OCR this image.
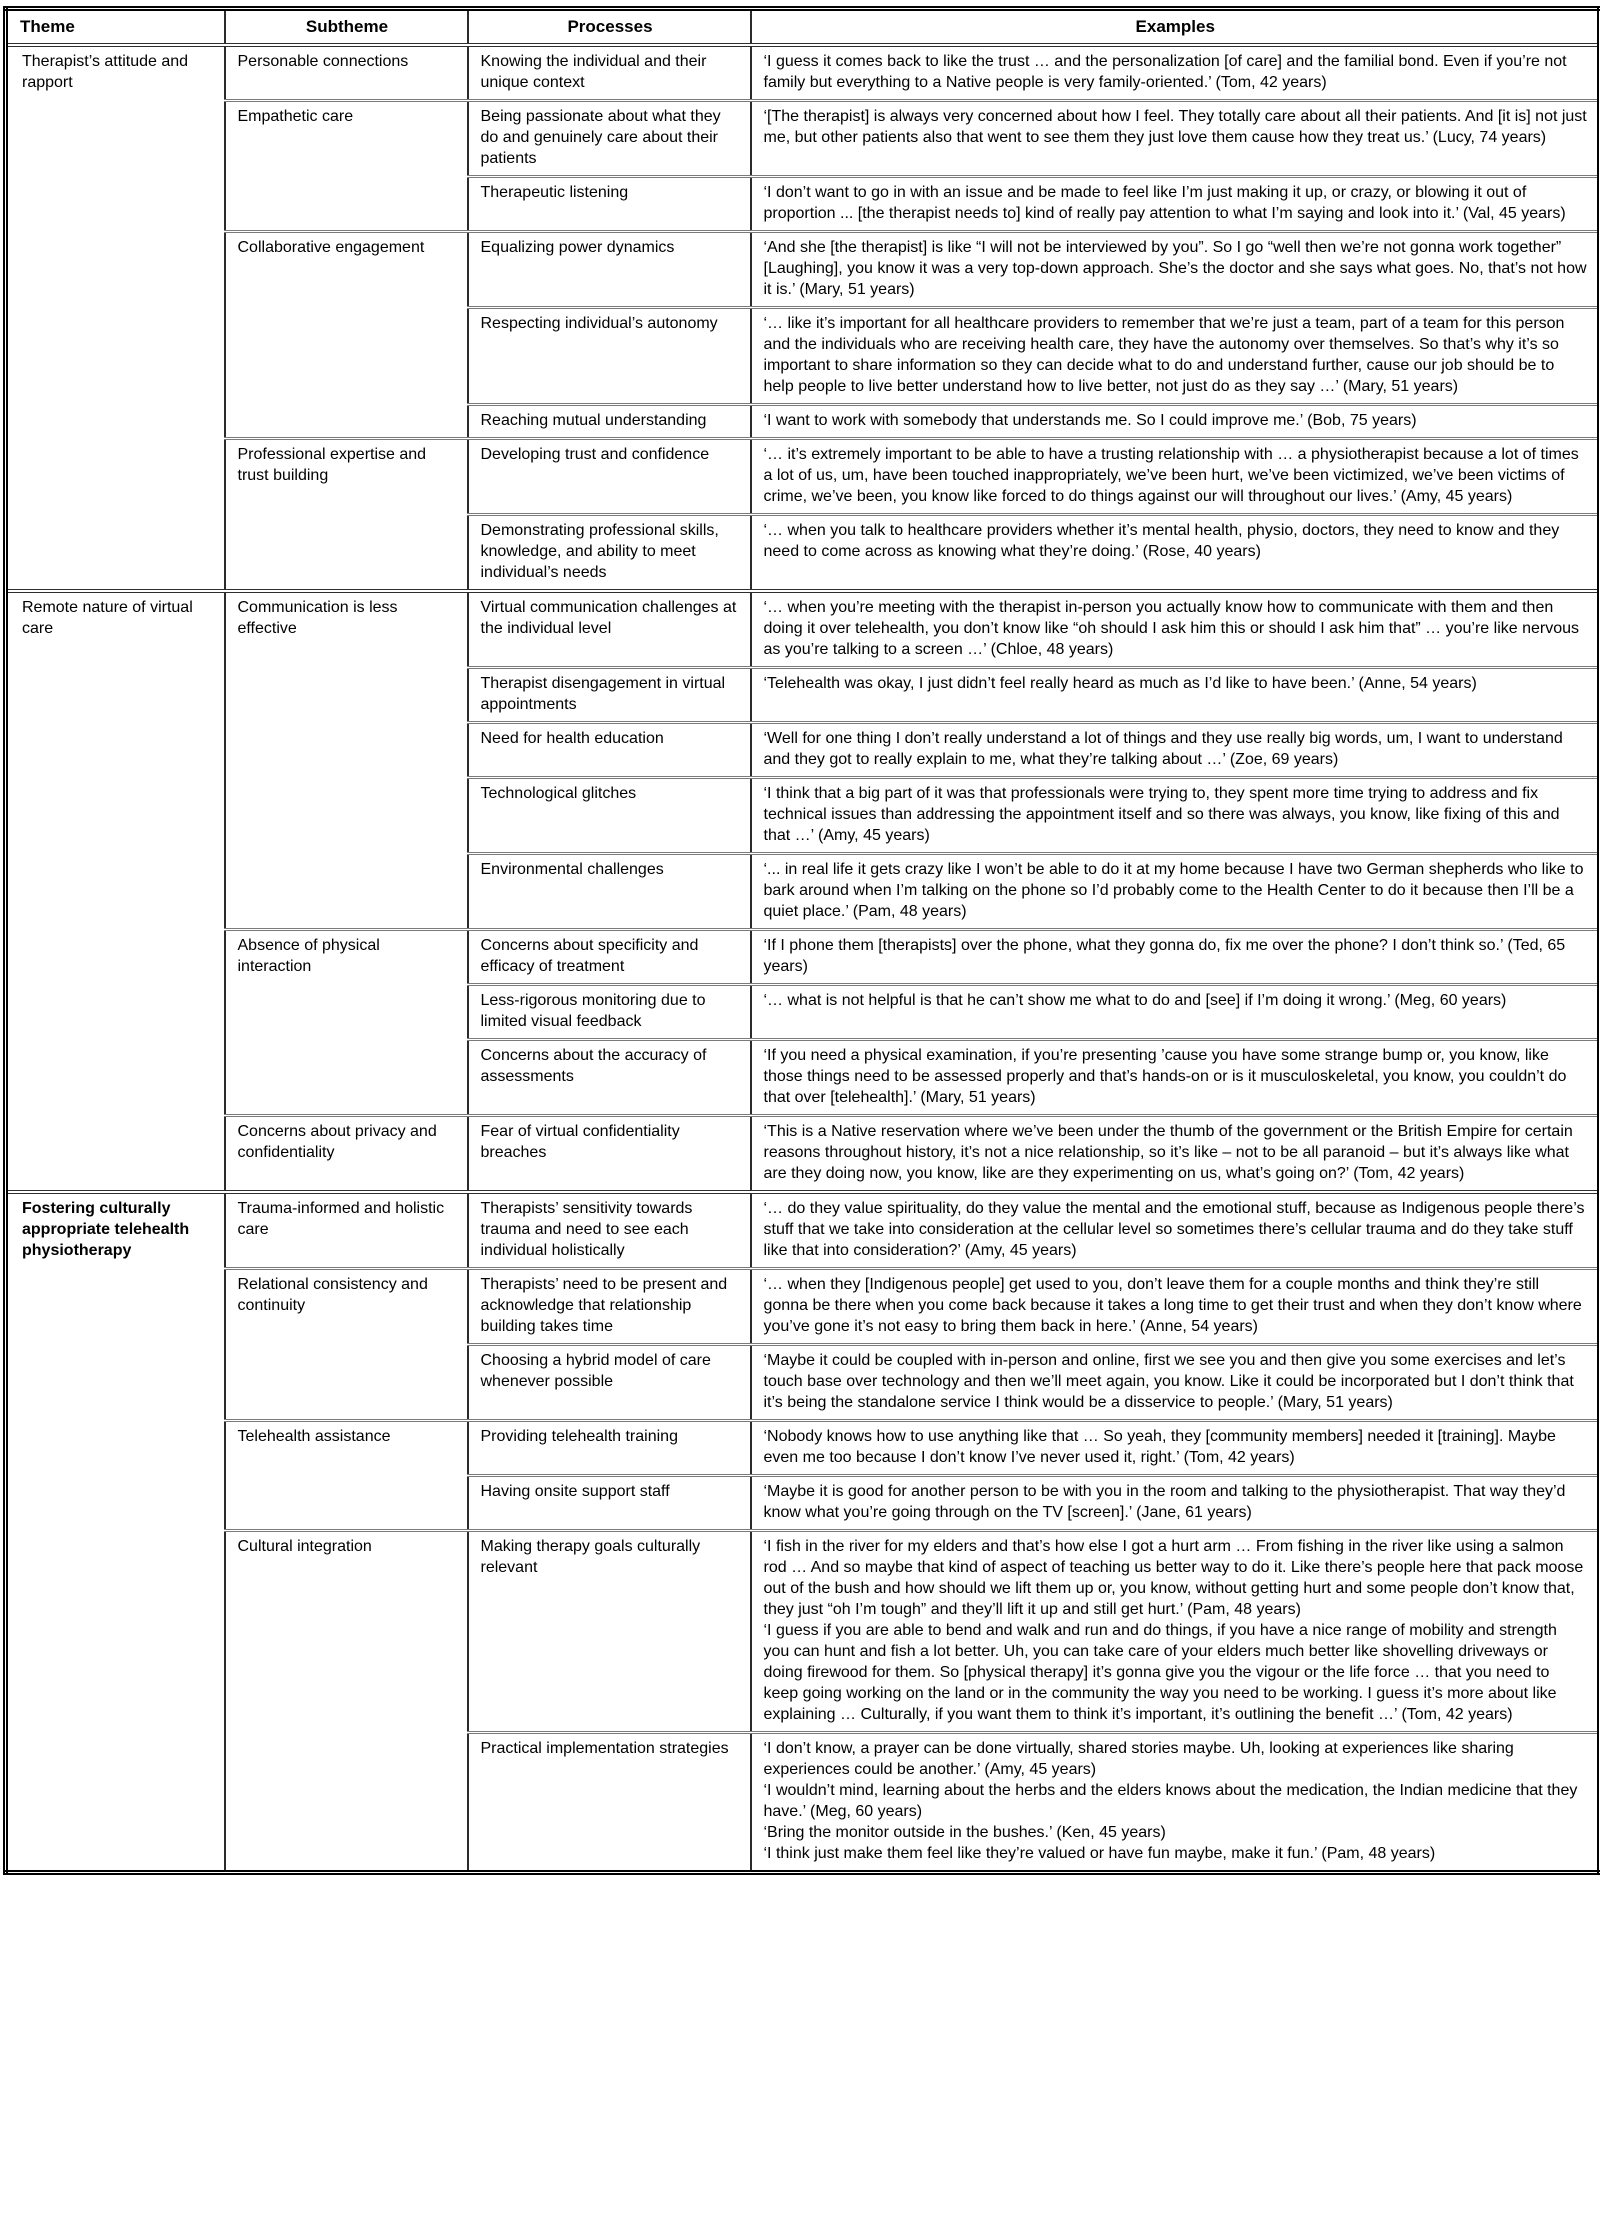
Theme	Subtheme	Processes	Examples
Therapist’s attitude and rapport	Personable connections	Knowing the individual and their unique context	‘I guess it comes back to like the trust … and the personalization [of care] and the familial bond. Even if you’re not family but everything to a Native people is very family-oriented.’ (Tom, 42 years)

	Empathetic care	Being passionate about what they do and genuinely care about their patients	‘[The therapist] is always very concerned about how I feel. They totally care about all their patients. And [it is] not just me, but other patients also that went to see them they just love them cause how they treat us.’ (Lucy, 74 years)

		Therapeutic listening	‘I don’t want to go in with an issue and be made to feel like I’m just making it up, or crazy, or blowing it out of proportion ... [the therapist needs to] kind of really pay attention to what I’m saying and look into it.’ (Val, 45 years)

	Collaborative engagement	Equalizing power dynamics	‘And she [the therapist] is like “I will not be interviewed by you”. So I go “well then we’re not gonna work together” [Laughing], you know it was a very top-down approach. She’s the doctor and she says what goes. No, that’s not how it is.’ (Mary, 51 years)

		Respecting individual’s autonomy	‘… like it’s important for all healthcare providers to remember that we’re just a team, part of a team for this person and the individuals who are receiving health care, they have the autonomy over themselves. So that’s why it’s so important to share information so they can decide what to do and understand further, cause our job should be to help people to live better understand how to live better, not just do as they say …’ (Mary, 51 years)

		Reaching mutual understanding	‘I want to work with somebody that understands me. So I could improve me.’ (Bob, 75 years)

	Professional expertise and trust building	Developing trust and confidence	‘… it’s extremely important to be able to have a trusting relationship with … a physiotherapist because a lot of times a lot of us, um, have been touched inappropriately, we’ve been hurt, we’ve been victimized, we’ve been victims of crime, we’ve been, you know like forced to do things against our will throughout our lives.’ (Amy, 45 years)

		Demonstrating professional skills, knowledge, and ability to meet individual’s needs	‘… when you talk to healthcare providers whether it’s mental health, physio, doctors, they need to know and they need to come across as knowing what they’re doing.’ (Rose, 40 years)

Remote nature of virtual care	Communication is less effective	Virtual communication challenges at the individual level	‘… when you’re meeting with the therapist in-person you actually know how to communicate with them and then doing it over telehealth, you don’t know like “oh should I ask him this or should I ask him that” … you’re like nervous as you’re talking to a screen …’ (Chloe, 48 years)

		Therapist disengagement in virtual appointments	‘Telehealth was okay, I just didn’t feel really heard as much as I’d like to have been.’ (Anne, 54 years)

		Need for health education	‘Well for one thing I don’t really understand a lot of things and they use really big words, um, I want to understand and they got to really explain to me, what they’re talking about …’ (Zoe, 69 years)

		Technological glitches	‘I think that a big part of it was that professionals were trying to, they spent more time trying to address and fix technical issues than addressing the appointment itself and so there was always, you know, like fixing of this and that …’ (Amy, 45 years)

		Environmental challenges	‘... in real life it gets crazy like I won’t be able to do it at my home because I have two German shepherds who like to bark around when I’m talking on the phone so I’d probably come to the Health Center to do it because then I’ll be a quiet place.’ (Pam, 48 years)

	Absence of physical interaction	Concerns about specificity and efficacy of treatment	‘If I phone them [therapists] over the phone, what they gonna do, fix me over the phone? I don’t think so.’ (Ted, 65 years)

		Less-rigorous monitoring due to limited visual feedback	‘… what is not helpful is that he can’t show me what to do and [see] if I’m doing it wrong.’ (Meg, 60 years)

		Concerns about the accuracy of assessments	‘If you need a physical examination, if you’re presenting ’cause you have some strange bump or, you know, like those things need to be assessed properly and that’s hands-on or is it musculoskeletal, you know, you couldn’t do that over [telehealth].’ (Mary, 51 years)

	Concerns about privacy and confidentiality	Fear of virtual confidentiality breaches	‘This is a Native reservation where we’ve been under the thumb of the government or the British Empire for certain reasons throughout history, it’s not a nice relationship, so it’s like – not to be all paranoid – but it’s always like what are they doing now, you know, like are they experimenting on us, what’s going on?’ (Tom, 42 years)

Fostering culturally appropriate telehealth physiotherapy	Trauma-informed and holistic care	Therapists’ sensitivity towards trauma and need to see each individual holistically	‘… do they value spirituality, do they value the mental and the emotional stuff, because as Indigenous people there’s stuff that we take into consideration at the cellular level so sometimes there’s cellular trauma and do they take stuff like that into consideration?’ (Amy, 45 years)

	Relational consistency and continuity	Therapists’ need to be present and acknowledge that relationship building takes time	‘… when they [Indigenous people] get used to you, don’t leave them for a couple months and think they’re still gonna be there when you come back because it takes a long time to get their trust and when they don’t know where you’ve gone it’s not easy to bring them back in here.’ (Anne, 54 years)

		Choosing a hybrid model of care whenever possible	‘Maybe it could be coupled with in-person and online, first we see you and then give you some exercises and let’s touch base over technology and then we’ll meet again, you know. Like it could be incorporated but I don’t think that it’s being the standalone service I think would be a disservice to people.’ (Mary, 51 years)

	Telehealth assistance	Providing telehealth training	‘Nobody knows how to use anything like that … So yeah, they [community members] needed it [training]. Maybe even me too because I don’t know I’ve never used it, right.’ (Tom, 42 years)

		Having onsite support staff	‘Maybe it is good for another person to be with you in the room and talking to the physiotherapist. That way they’d know what you’re going through on the TV [screen].’ (Jane, 61 years)

	Cultural integration	Making therapy goals culturally relevant	‘I fish in the river for my elders and that’s how else I got a hurt arm … From fishing in the river like using a salmon rod … And so maybe that kind of aspect of teaching us better way to do it. Like there’s people here that pack moose out of the bush and how should we lift them up or, you know, without getting hurt and some people don’t know that, they just “oh I’m tough” and they’ll lift it up and still get hurt.’ (Pam, 48 years)
‘I guess if you are able to bend and walk and run and do things, if you have a nice range of mobility and strength you can hunt and fish a lot better. Uh, you can take care of your elders much better like shovelling driveways or doing firewood for them. So [physical therapy] it’s gonna give you the vigour or the life force … that you need to keep going working on the land or in the community the way you need to be working. I guess it’s more about like explaining … Culturally, if you want them to think it’s important, it’s outlining the benefit …’ (Tom, 42 years)

		Practical implementation strategies	‘I don’t know, a prayer can be done virtually, shared stories maybe. Uh, looking at experiences like sharing experiences could be another.’ (Amy, 45 years)
‘I wouldn’t mind, learning about the herbs and the elders knows about the medication, the Indian medicine that they have.’ (Meg, 60 years)
‘Bring the monitor outside in the bushes.’ (Ken, 45 years)
‘I think just make them feel like they’re valued or have fun maybe, make it fun.’ (Pam, 48 years)
